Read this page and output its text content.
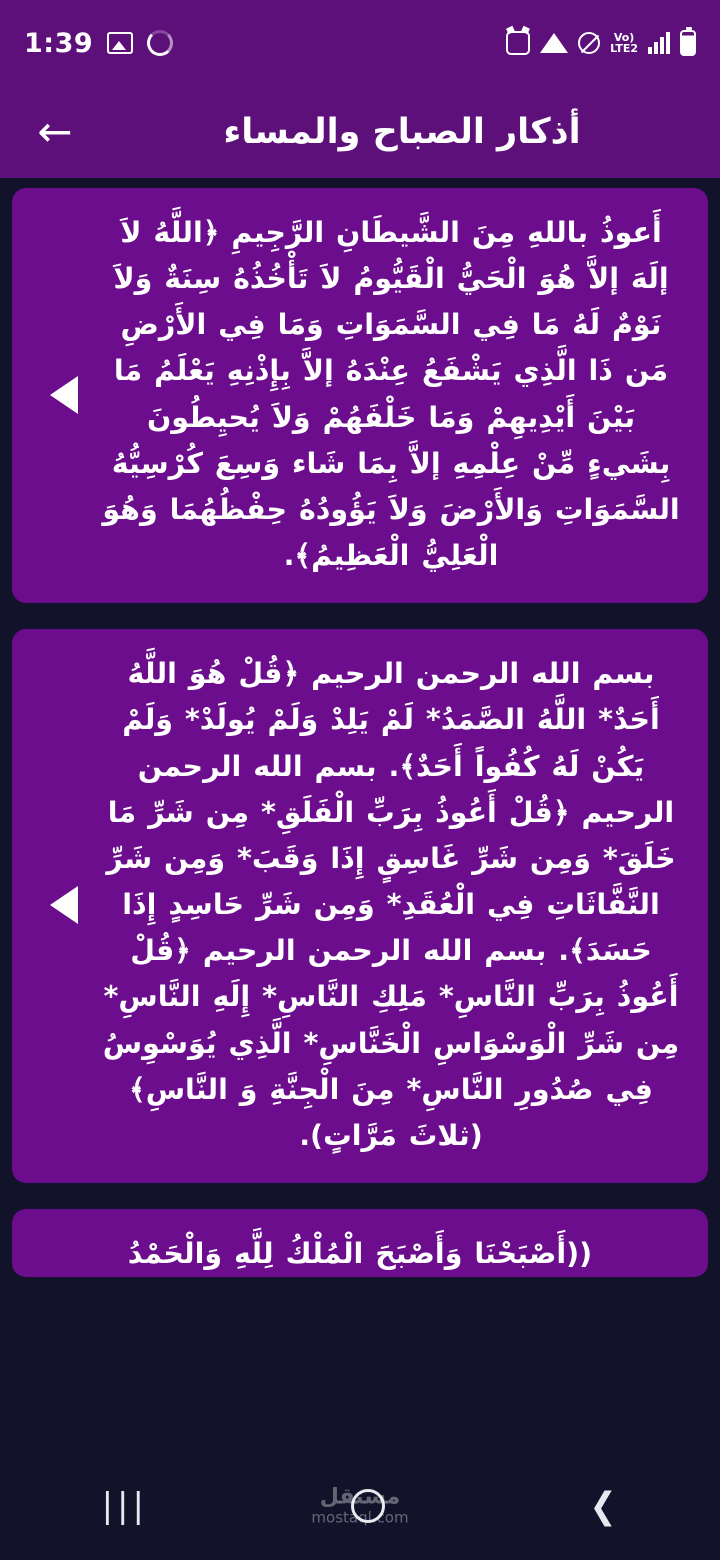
1:39	Vo)
LTE2
أذكار الصباح والمساء
←
أَعوذُ باللهِ مِنَ الشَّيطَانِ الرَّجِيمِ ﴿اللَّهُ لاَ إلَهَ إلاَّ هُوَ الْحَيُّ الْقَيُّومُ لاَ تَأْخُذُهُ سِنَةٌ وَلاَ نَوْمٌ لَهُ مَا فِي السَّمَوَاتِ وَمَا فِي الأَرْضِ مَن ذَا الَّذِي يَشْفَعُ عِنْدَهُ إلاَّ بِإِذْنِهِ يَعْلَمُ مَا بَيْنَ أَيْدِيهِمْ وَمَا خَلْفَهُمْ وَلاَ يُحيِطُونَ بِشَيءٍ مِّنْ عِلْمِهِ إلاَّ بِمَا شَاء وَسِعَ كُرْسِيُّهُ السَّمَوَاتِ وَالأَرْضَ وَلاَ يَؤُودُهُ حِفْظُهُمَا وَهُوَ الْعَلِيُّ الْعَظِيمُ﴾.
بسم الله الرحمن الرحيم ﴿قُلْ هُوَ اللَّهُ أَحَدٌ* اللَّهُ الصَّمَدُ* لَمْ يَلِدْ وَلَمْ يُولَدْ* وَلَمْ يَكُنْ لَهُ كُفُواً أَحَدٌ﴾. بسم الله الرحمن الرحيم ﴿قُلْ أَعُوذُ بِرَبِّ الْفَلَقِ* مِن شَرِّ مَا خَلَقَ* وَمِن شَرِّ غَاسِقٍ إِذَا وَقَبَ* وَمِن شَرِّ النَّفَّاثَاتِ فِي الْعُقَدِ* وَمِن شَرِّ حَاسِدٍ إِذَا حَسَدَ﴾. بسم الله الرحمن الرحيم ﴿قُلْ أَعُوذُ بِرَبِّ النَّاسِ* مَلِكِ النَّاسِ* إِلَهِ النَّاسِ* مِن شَرِّ الْوَسْوَاسِ الْخَنَّاسِ* الَّذِي يُوَسْوِسُ فِي صُدُورِ النَّاسِ* مِنَ الْجِنَّةِ وَ النَّاسِ﴾ (ثلاثَ مَرَّاتٍ).
((أَصْبَحْنَا وَأَصْبَحَ الْمُلْكُ لِلَّهِ وَالْحَمْدُ
|||	❮
مستقل
mostaql.com
